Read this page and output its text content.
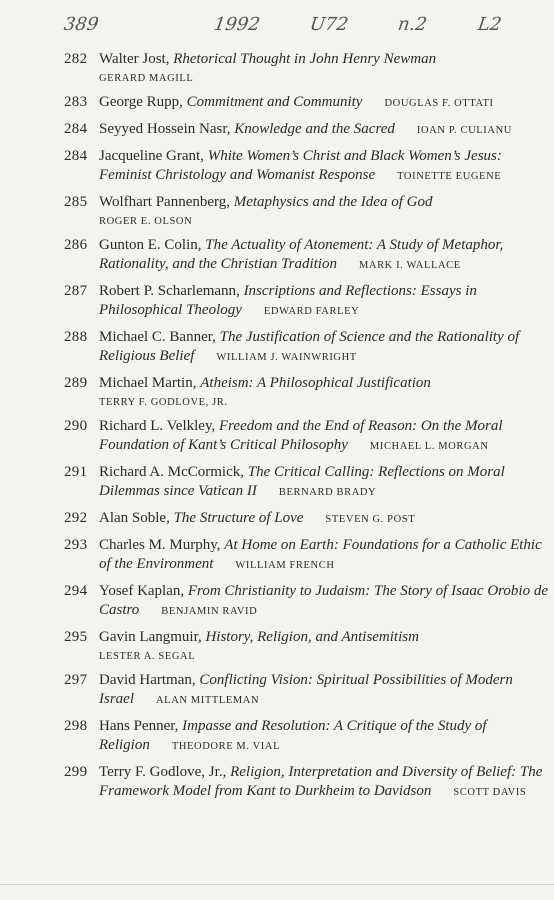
389	1992	U72	n.2	L2
282 Walter Jost, Rhetorical Thought in John Henry Newman
GERARD MAGILL
283 George Rupp, Commitment and Community DOUGLAS F. OTTATI
284 Seyyed Hossein Nasr, Knowledge and the Sacred IOAN P. CULIANU
284 Jacqueline Grant, White Women’s Christ and Black Women’s Jesus: Feminist Christology and Womanist Response TOINETTE EUGENE
285 Wolfhart Pannenberg, Metaphysics and the Idea of God
ROGER E. OLSON
286 Gunton E. Colin, The Actuality of Atonement: A Study of Metaphor, Rationality, and the Christian Tradition MARK I. WALLACE
287 Robert P. Scharlemann, Inscriptions and Reflections: Essays in Philosophical Theology EDWARD FARLEY
288 Michael C. Banner, The Justification of Science and the Rationality of Religious Belief WILLIAM J. WAINWRIGHT
289 Michael Martin, Atheism: A Philosophical Justification
TERRY F. GODLOVE, JR.
290 Richard L. Velkley, Freedom and the End of Reason: On the Moral Foundation of Kant’s Critical Philosophy MICHAEL L. MORGAN
291 Richard A. McCormick, The Critical Calling: Reflections on Moral Dilemmas since Vatican II BERNARD BRADY
292 Alan Soble, The Structure of Love STEVEN G. POST
293 Charles M. Murphy, At Home on Earth: Foundations for a Catholic Ethic of the Environment WILLIAM FRENCH
294 Yosef Kaplan, From Christianity to Judaism: The Story of Isaac Orobio de Castro BENJAMIN RAVID
295 Gavin Langmuir, History, Religion, and Antisemitism
LESTER A. SEGAL
297 David Hartman, Conflicting Vision: Spiritual Possibilities of Modern Israel ALAN MITTLEMAN
298 Hans Penner, Impasse and Resolution: A Critique of the Study of Religion THEODORE M. VIAL
299 Terry F. Godlove, Jr., Religion, Interpretation and Diversity of Belief: The Framework Model from Kant to Durkheim to Davidson SCOTT DAVIS
